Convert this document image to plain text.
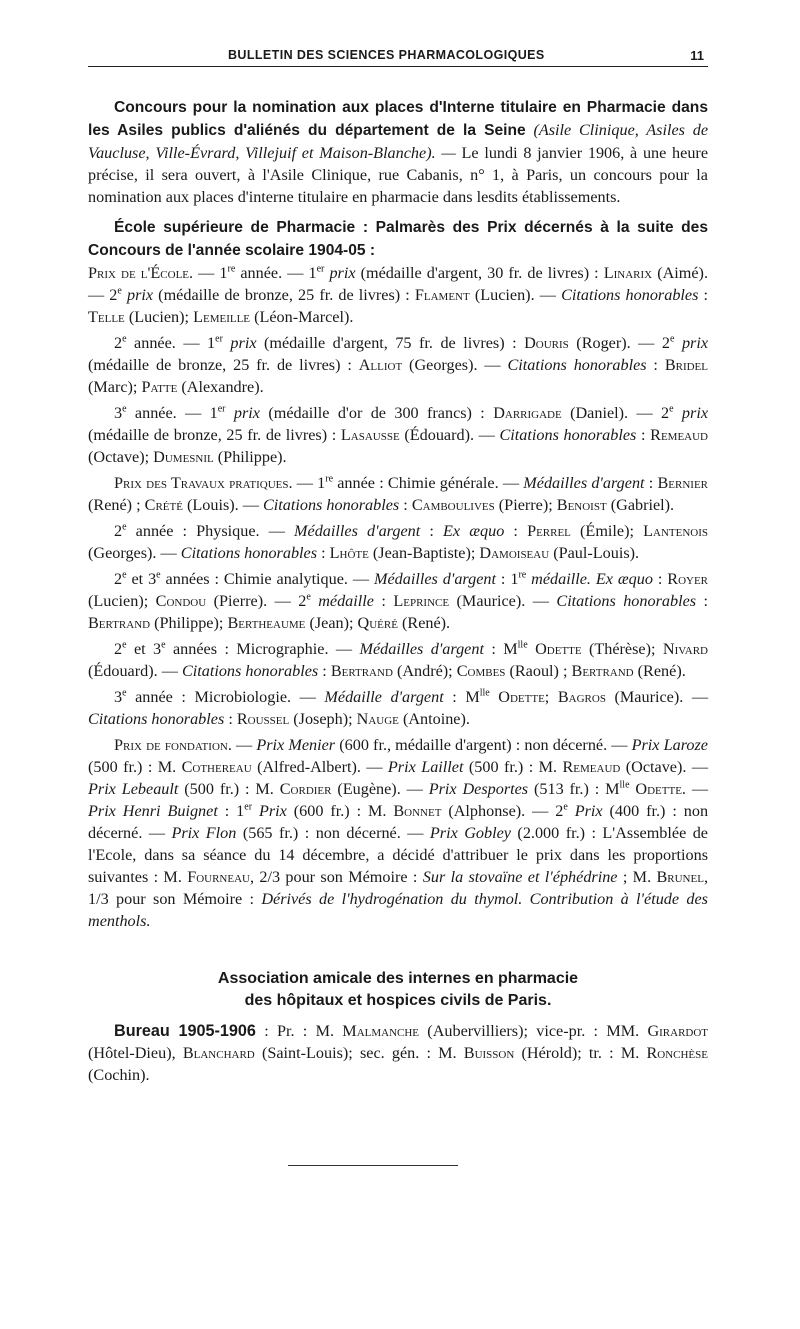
BULLETIN DES SCIENCES PHARMACOLOGIQUES	11

Concours pour la nomination aux places d'Interne titulaire en Pharmacie dans les Asiles publics d'aliénés du département de la Seine (Asile Clinique, Asiles de Vaucluse, Ville-Évrard, Villejuif et Maison-Blanche). — Le lundi 8 janvier 1906, à une heure précise, il sera ouvert, à l'Asile Clinique, rue Cabanis, n° 1, à Paris, un concours pour la nomination aux places d'interne titulaire en pharmacie dans lesdits établissements.

École supérieure de Pharmacie : Palmarès des Prix décernés à la suite des Concours de l'année scolaire 1904-05 :

Prix de l'École. — 1re année. — 1er prix (médaille d'argent, 30 fr. de livres) : Linarix (Aimé). — 2e prix (médaille de bronze, 25 fr. de livres) : Flament (Lucien). — Citations honorables : Telle (Lucien); Lemeille (Léon-Marcel).

2e année. — 1er prix (médaille d'argent, 75 fr. de livres) : Douris (Roger). — 2e prix (médaille de bronze, 25 fr. de livres) : Alliot (Georges). — Citations honorables : Bridel (Marc); Patte (Alexandre).

3e année. — 1er prix (médaille d'or de 300 francs) : Darrigade (Daniel). — 2e prix (médaille de bronze, 25 fr. de livres) : Lasausse (Édouard). — Citations honorables : Remeaud (Octave); Dumesnil (Philippe).

Prix des Travaux pratiques. — 1re année : Chimie générale. — Médailles d'argent : Bernier (René) ; Crété (Louis). — Citations honorables : Camboulives (Pierre); Benoist (Gabriel).

2e année : Physique. — Médailles d'argent : Ex æquo : Perrel (Émile); Lantenois (Georges). — Citations honorables : Lhôte (Jean-Baptiste); Damoiseau (Paul-Louis).

2e et 3e années : Chimie analytique. — Médailles d'argent : 1re médaille. Ex æquo : Royer (Lucien); Condou (Pierre). — 2e médaille : Leprince (Maurice). — Citations honorables : Bertrand (Philippe); Bertheaume (Jean); Quéré (René).

2e et 3e années : Micrographie. — Médailles d'argent : $M^{lle}$ Odette (Thérèse); Nivard (Édouard). — Citations honorables : Bertrand (André); Combes (Raoul) ; Bertrand (René).

3e année : Microbiologie. — Médaille d'argent : $M^{lle}$ Odette; Bagros (Maurice). — Citations honorables : Roussel (Joseph); Nauge (Antoine).

Prix de fondation. — Prix Menier (600 fr., médaille d'argent) : non décerné. — Prix Laroze (500 fr.) : M. Cothereau (Alfred-Albert). — Prix Laillet (500 fr.) : M. Remeaud (Octave). — Prix Lebeault (500 fr.) : M. Cordier (Eugène). — Prix Desportes (513 fr.) : $M^{lle}$ Odette. — Prix Henri Buignet : 1er Prix (600 fr.) : M. Bonnet (Alphonse). — 2e Prix (400 fr.) : non décerné. — Prix Flon (565 fr.) : non décerné. — Prix Gobley (2.000 fr.) : L'Assemblée de l'Ecole, dans sa séance du 14 décembre, a décidé d'attribuer le prix dans les proportions suivantes : M. Fourneau, 2/3 pour son Mémoire : Sur la stovaïne et l'éphédrine ; M. Brunel, 1/3 pour son Mémoire : Dérivés de l'hydrogénation du thymol. Contribution à l'étude des menthols.

Association amicale des internes en pharmacie
des hôpitaux et hospices civils de Paris.

Bureau 1905-1906 : Pr. : M. Malmanche (Aubervilliers); vice-pr. : MM. Girardot (Hôtel-Dieu), Blanchard (Saint-Louis); sec. gén. : M. Buisson (Hérold); tr. : M. Ronchèse (Cochin).
